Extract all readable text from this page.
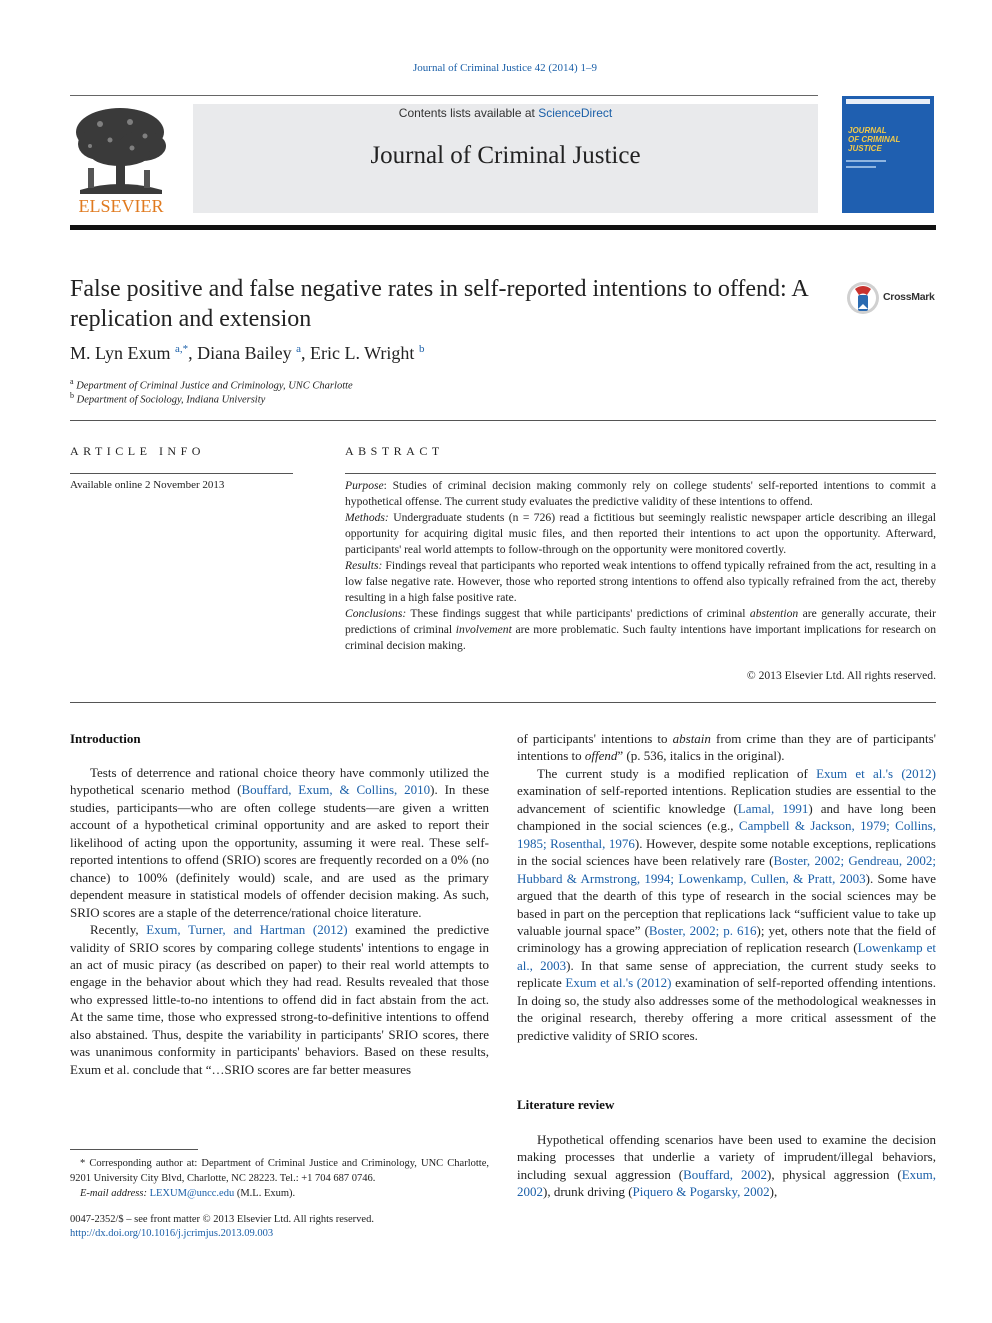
Journal of Criminal Justice 42 (2014) 1–9
ELSEVIER
Contents lists available at ScienceDirect
Journal of Criminal Justice
JOURNAL
OF CRIMINAL
JUSTICE
False positive and false negative rates in self-reported intentions to offend: A replication and extension
CrossMark
M. Lyn Exum $^{a,*}$, Diana Bailey $^a$, Eric L. Wright $^b$
$^a$ Department of Criminal Justice and Criminology, UNC Charlotte
$^b$ Department of Sociology, Indiana University
ARTICLE INFO	ABSTRACT
Available online 2 November 2013	Purpose: Studies of criminal decision making commonly rely on college students' self-reported intentions to commit a hypothetical offense. The current study evaluates the predictive validity of these intentions to offend.

Methods: Undergraduate students (n = 726) read a fictitious but seemingly realistic newspaper article describing an illegal opportunity for acquiring digital music files, and then reported their intentions to act upon the opportunity. Afterward, participants' real world attempts to follow-through on the opportunity were monitored covertly.

Results: Findings reveal that participants who reported weak intentions to offend typically refrained from the act, resulting in a low false negative rate. However, those who reported strong intentions to offend also typically refrained from the act, thereby resulting in a high false positive rate.

Conclusions: These findings suggest that while participants' predictions of criminal abstention are generally accurate, their predictions of criminal involvement are more problematic. Such faulty intentions have important implications for research on criminal decision making.

© 2013 Elsevier Ltd. All rights reserved.
Introduction

Tests of deterrence and rational choice theory have commonly utilized the hypothetical scenario method (Bouffard, Exum, & Collins, 2010). In these studies, participants—who are often college students—are given a written account of a hypothetical criminal opportunity and are asked to report their likelihood of acting upon the opportunity, assuming it were real. These self-reported intentions to offend (SRIO) scores are frequently recorded on a 0% (no chance) to 100% (definitely would) scale, and are used as the primary dependent measure in statistical models of offender decision making. As such, SRIO scores are a staple of the deterrence/rational choice literature.

Recently, Exum, Turner, and Hartman (2012) examined the predictive validity of SRIO scores by comparing college students' intentions to engage in an act of music piracy (as described on paper) to their real world attempts to engage in the behavior about which they had read. Results revealed that those who expressed little-to-no intentions to offend did in fact abstain from the act. At the same time, those who expressed strong-to-definitive intentions to offend also abstained. Thus, despite the variability in participants' SRIO scores, there was unanimous conformity in participants' behaviors. Based on these results, Exum et al. conclude that “…SRIO scores are far better measures

of participants' intentions to abstain from crime than they are of participants' intentions to offend” (p. 536, italics in the original).

The current study is a modified replication of Exum et al.'s (2012) examination of self-reported intentions. Replication studies are essential to the advancement of scientific knowledge (Lamal, 1991) and have long been championed in the social sciences (e.g., Campbell & Jackson, 1979; Collins, 1985; Rosenthal, 1976). However, despite some notable exceptions, replications in the social sciences have been relatively rare (Boster, 2002; Gendreau, 2002; Hubbard & Armstrong, 1994; Lowenkamp, Cullen, & Pratt, 2003). Some have argued that the dearth of this type of research in the social sciences may be based in part on the perception that replications lack “sufficient value to take up valuable journal space” (Boster, 2002; p. 616); yet, others note that the field of criminology has a growing appreciation of replication research (Lowenkamp et al., 2003). In that same sense of appreciation, the current study seeks to replicate Exum et al.'s (2012) examination of self-reported offending intentions. In doing so, the study also addresses some of the methodological weaknesses in the original research, thereby offering a more critical assessment of the predictive validity of SRIO scores.

Literature review

Hypothetical offending scenarios have been used to examine the decision making processes that underlie a variety of imprudent/illegal behaviors, including sexual aggression (Bouffard, 2002), physical aggression (Exum, 2002), drunk driving (Piquero & Pogarsky, 2002),

* Corresponding author at: Department of Criminal Justice and Criminology, UNC Charlotte, 9201 University City Blvd, Charlotte, NC 28223. Tel.: +1 704 687 0746.
E-mail address: LEXUM@uncc.edu (M.L. Exum).
0047-2352/$ – see front matter © 2013 Elsevier Ltd. All rights reserved.
http://dx.doi.org/10.1016/j.jcrimjus.2013.09.003
